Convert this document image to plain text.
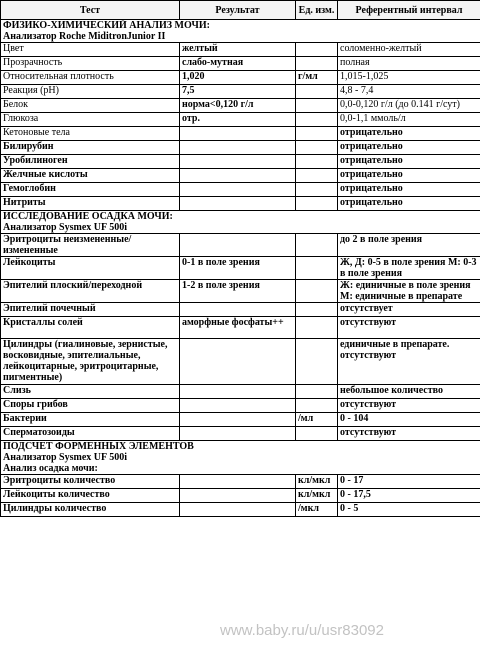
Тест	Результат	Ед. изм.	Референтный интервал

ФИЗИКО-ХИМИЧЕСКИЙ АНАЛИЗ МОЧИ:
Анализатор Roche MiditronJunior II			

Цвет	желтый		соломенно-желтый
Прозрачность	слабо-мутная		полная
Относительная плотность	1,020	г/мл	1,015-1,025
Реакция (pH)	7,5		4,8 - 7,4
Белок	норма<0,120 г/л		0,0-0,120 г/л (до 0.141 г/сут)
Глюкоза	отр.		0,0-1,1 ммоль/л
Кетоновые тела			отрицательно
Билирубин			отрицательно
Уробилиноген			отрицательно
Желчные кислоты			отрицательно
Гемоглобин			отрицательно
Нитриты			отрицательно

ИССЛЕДОВАНИЕ ОСАДКА МОЧИ:
Анализатор Sysmex UF 500i			

Эритроциты неизмененные/ измененные			до 2 в поле зрения
Лейкоциты	0-1 в поле зрения		Ж, Д: 0-5 в поле зрения М: 0-3 в поле зрения
Эпителий плоский/переходной	1-2 в поле зрения		Ж: единичные в поле зрения М: единичные в препарате
Эпителий почечный			отсутствует
Кристаллы солей	аморфные фосфаты++		отсутствуют
Цилиндры (гиалиновые, зернистые, восковидные, эпителиальные, лейкоцитарные, эритроцитарные, пигментные)			единичные в препарате. отсутствуют
Слизь			небольшое количество
Споры грибов			отсутствуют
Бактерии		/мл	0 - 104
Сперматозоиды			отсутствуют

ПОДСЧЕТ ФОРМЕННЫХ ЭЛЕМЕНТОВ
Анализатор Sysmex UF 500i
Анализ осадка мочи:			

Эритроциты количество		кл/мкл	0 - 17
Лейкоциты количество		кл/мкл	0 - 17,5
Цилиндры количество		/мкл	0 - 5
www.baby.ru/u/usr83092
